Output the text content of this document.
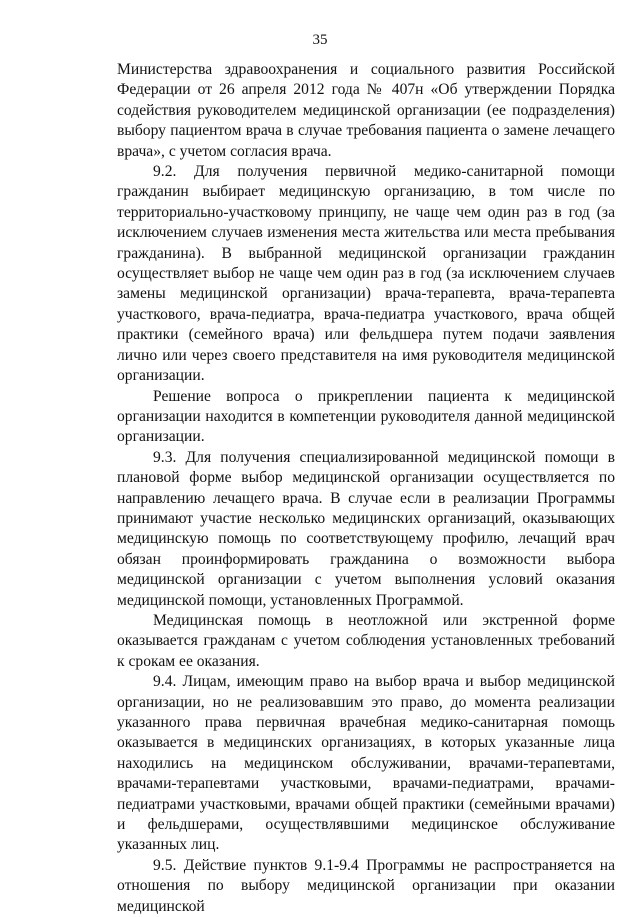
35

Министерства здравоохранения и социального развития Российской Федерации от 26 апреля 2012 года № 407н «Об утверждении Порядка содействия руководителем медицинской организации (ее подразделения) выбору пациентом врача в случае требования пациента о замене лечащего врача», с учетом согласия врача.

9.2. Для получения первичной медико-санитарной помощи гражданин выбирает медицинскую организацию, в том числе по территориально-участковому принципу, не чаще чем один раз в год (за исключением случаев изменения места жительства или места пребывания гражданина). В выбранной медицинской организации гражданин осуществляет выбор не чаще чем один раз в год (за исключением случаев замены медицинской организации) врача-терапевта, врача-терапевта участкового, врача-педиатра, врача-педиатра участкового, врача общей практики (семейного врача) или фельдшера путем подачи заявления лично или через своего представителя на имя руководителя медицинской организации.

Решение вопроса о прикреплении пациента к медицинской организации находится в компетенции руководителя данной медицинской организации.

9.3. Для получения специализированной медицинской помощи в плановой форме выбор медицинской организации осуществляется по направлению лечащего врача. В случае если в реализации Программы принимают участие несколько медицинских организаций, оказывающих медицинскую помощь по соответствующему профилю, лечащий врач обязан проинформировать гражданина о возможности выбора медицинской организации с учетом выполнения условий оказания медицинской помощи, установленных Программой.

Медицинская помощь в неотложной или экстренной форме оказывается гражданам с учетом соблюдения установленных требований к срокам ее оказания.

9.4. Лицам, имеющим право на выбор врача и выбор медицинской организации, но не реализовавшим это право, до момента реализации указанного права первичная врачебная медико-санитарная помощь оказывается в медицинских организациях, в которых указанные лица находились на медицинском обслуживании, врачами-терапевтами, врачами-терапевтами участковыми, врачами-педиатрами, врачами-педиатрами участковыми, врачами общей практики (семейными врачами) и фельдшерами, осуществлявшими медицинское обслуживание указанных лиц.

9.5. Действие пунктов 9.1-9.4 Программы не распространяется на отношения по выбору медицинской организации при оказании медицинской
